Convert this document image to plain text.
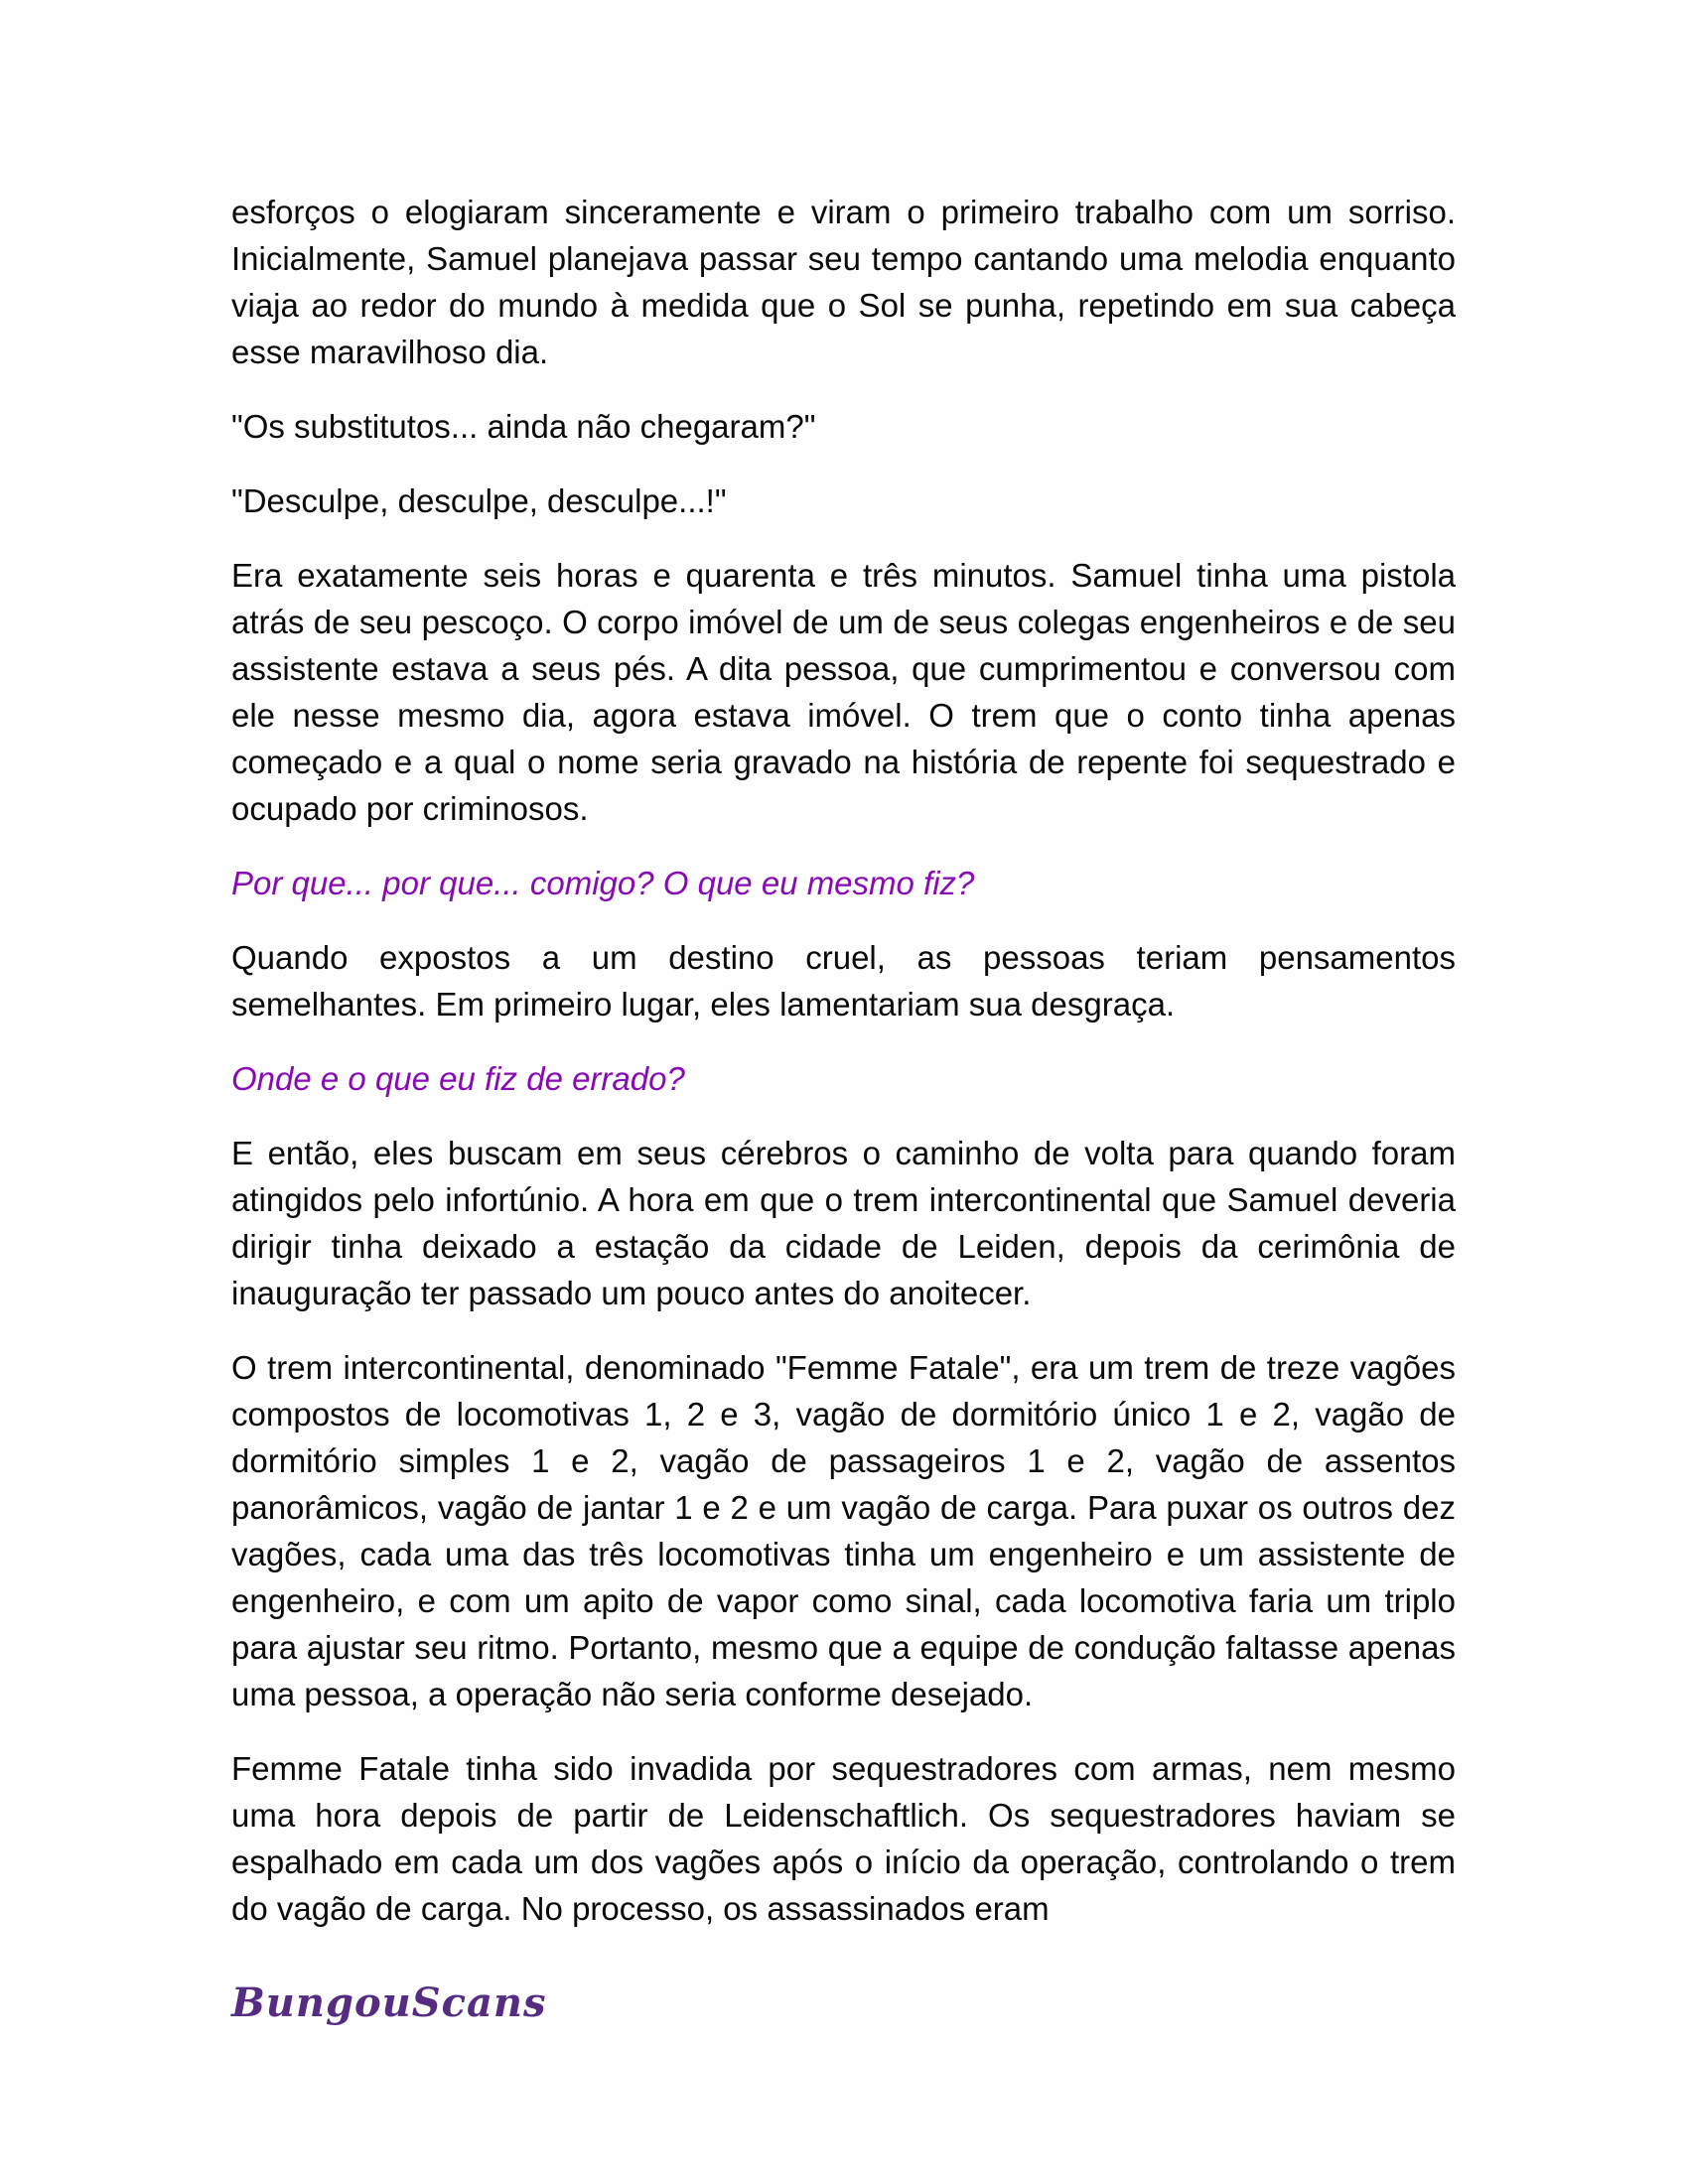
esforços o elogiaram sinceramente e viram o primeiro trabalho com um sorriso. Inicialmente, Samuel planejava passar seu tempo cantando uma melodia enquanto viaja ao redor do mundo à medida que o Sol se punha, repetindo em sua cabeça esse maravilhoso dia.

"Os substitutos... ainda não chegaram?"

"Desculpe, desculpe, desculpe...!"

Era exatamente seis horas e quarenta e três minutos. Samuel tinha uma pistola atrás de seu pescoço. O corpo imóvel de um de seus colegas engenheiros e de seu assistente estava a seus pés. A dita pessoa, que cumprimentou e conversou com ele nesse mesmo dia, agora estava imóvel. O trem que o conto tinha apenas começado e a qual o nome seria gravado na história de repente foi sequestrado e ocupado por criminosos.

Por que... por que... comigo? O que eu mesmo fiz?

Quando expostos a um destino cruel, as pessoas teriam pensamentos semelhantes. Em primeiro lugar, eles lamentariam sua desgraça.

Onde e o que eu fiz de errado?

E então, eles buscam em seus cérebros o caminho de volta para quando foram atingidos pelo infortúnio. A hora em que o trem intercontinental que Samuel deveria dirigir tinha deixado a estação da cidade de Leiden, depois da cerimônia de inauguração ter passado um pouco antes do anoitecer.

O trem intercontinental, denominado "Femme Fatale", era um trem de treze vagões compostos de locomotivas 1, 2 e 3, vagão de dormitório único 1 e 2, vagão de dormitório simples 1 e 2, vagão de passageiros 1 e 2, vagão de assentos panorâmicos, vagão de jantar 1 e 2 e um vagão de carga. Para puxar os outros dez vagões, cada uma das três locomotivas tinha um engenheiro e um assistente de engenheiro, e com um apito de vapor como sinal, cada locomotiva faria um triplo para ajustar seu ritmo. Portanto, mesmo que a equipe de condução faltasse apenas uma pessoa, a operação não seria conforme desejado.

Femme Fatale tinha sido invadida por sequestradores com armas, nem mesmo uma hora depois de partir de Leidenschaftlich. Os sequestradores haviam se espalhado em cada um dos vagões após o início da operação, controlando o trem do vagão de carga. No processo, os assassinados eram

BungouScans
